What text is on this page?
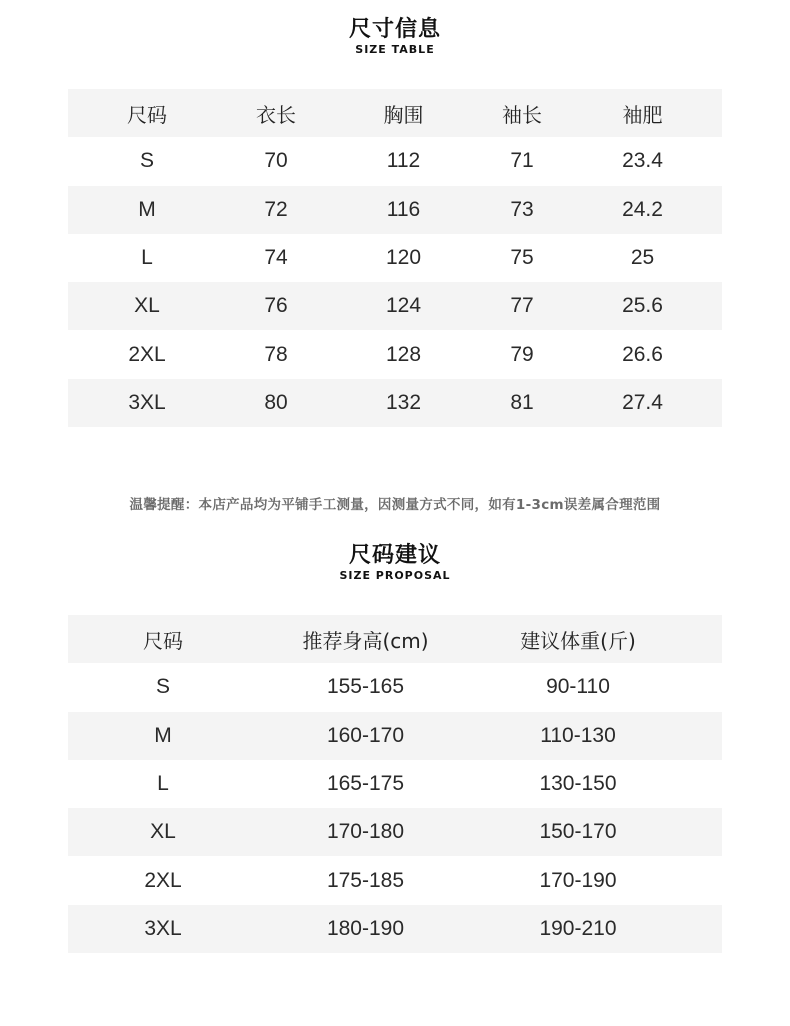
尺寸信息
SIZE TABLE
尺码	衣长	胸围	袖长	袖肥
S	70	112	71	23.4
M	72	116	73	24.2
L	74	120	75	25
XL	76	124	77	25.6
2XL	78	128	79	26.6
3XL	80	132	81	27.4
温馨提醒：本店产品均为平铺手工测量，因测量方式不同，如有1-3cm误差属合理范围
尺码建议
SIZE PROPOSAL
尺码	推荐身高(cm)	建议体重(斤)	
S	155-165	90-110	
M	160-170	110-130	
L	165-175	130-150	
XL	170-180	150-170	
2XL	175-185	170-190	
3XL	180-190	190-210	
